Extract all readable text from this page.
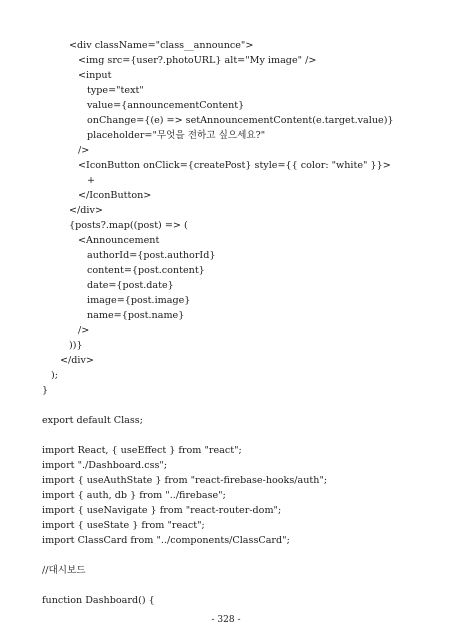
<div className="class__announce">
<img src={user?.photoURL} alt="My image" />
<input
type="text"
value={announcementContent}
onChange={(e) => setAnnouncementContent(e.target.value)}
placeholder="무엇을 전하고 싶으세요?"
/>
<IconButton onClick={createPost} style={{ color: "white" }}>
+
</IconButton>
</div>
{posts?.map((post) => (
<Announcement
authorId={post.authorId}
content={post.content}
date={post.date}
image={post.image}
name={post.name}
/>
))}
</div>
);
}
export default Class;
import React, { useEffect } from "react";
import "./Dashboard.css";
import { useAuthState } from "react-firebase-hooks/auth";
import { auth, db } from "../firebase";
import { useNavigate } from "react-router-dom";
import { useState } from "react";
import ClassCard from "../components/ClassCard";
//대시보드
function Dashboard() {
- 328 -
